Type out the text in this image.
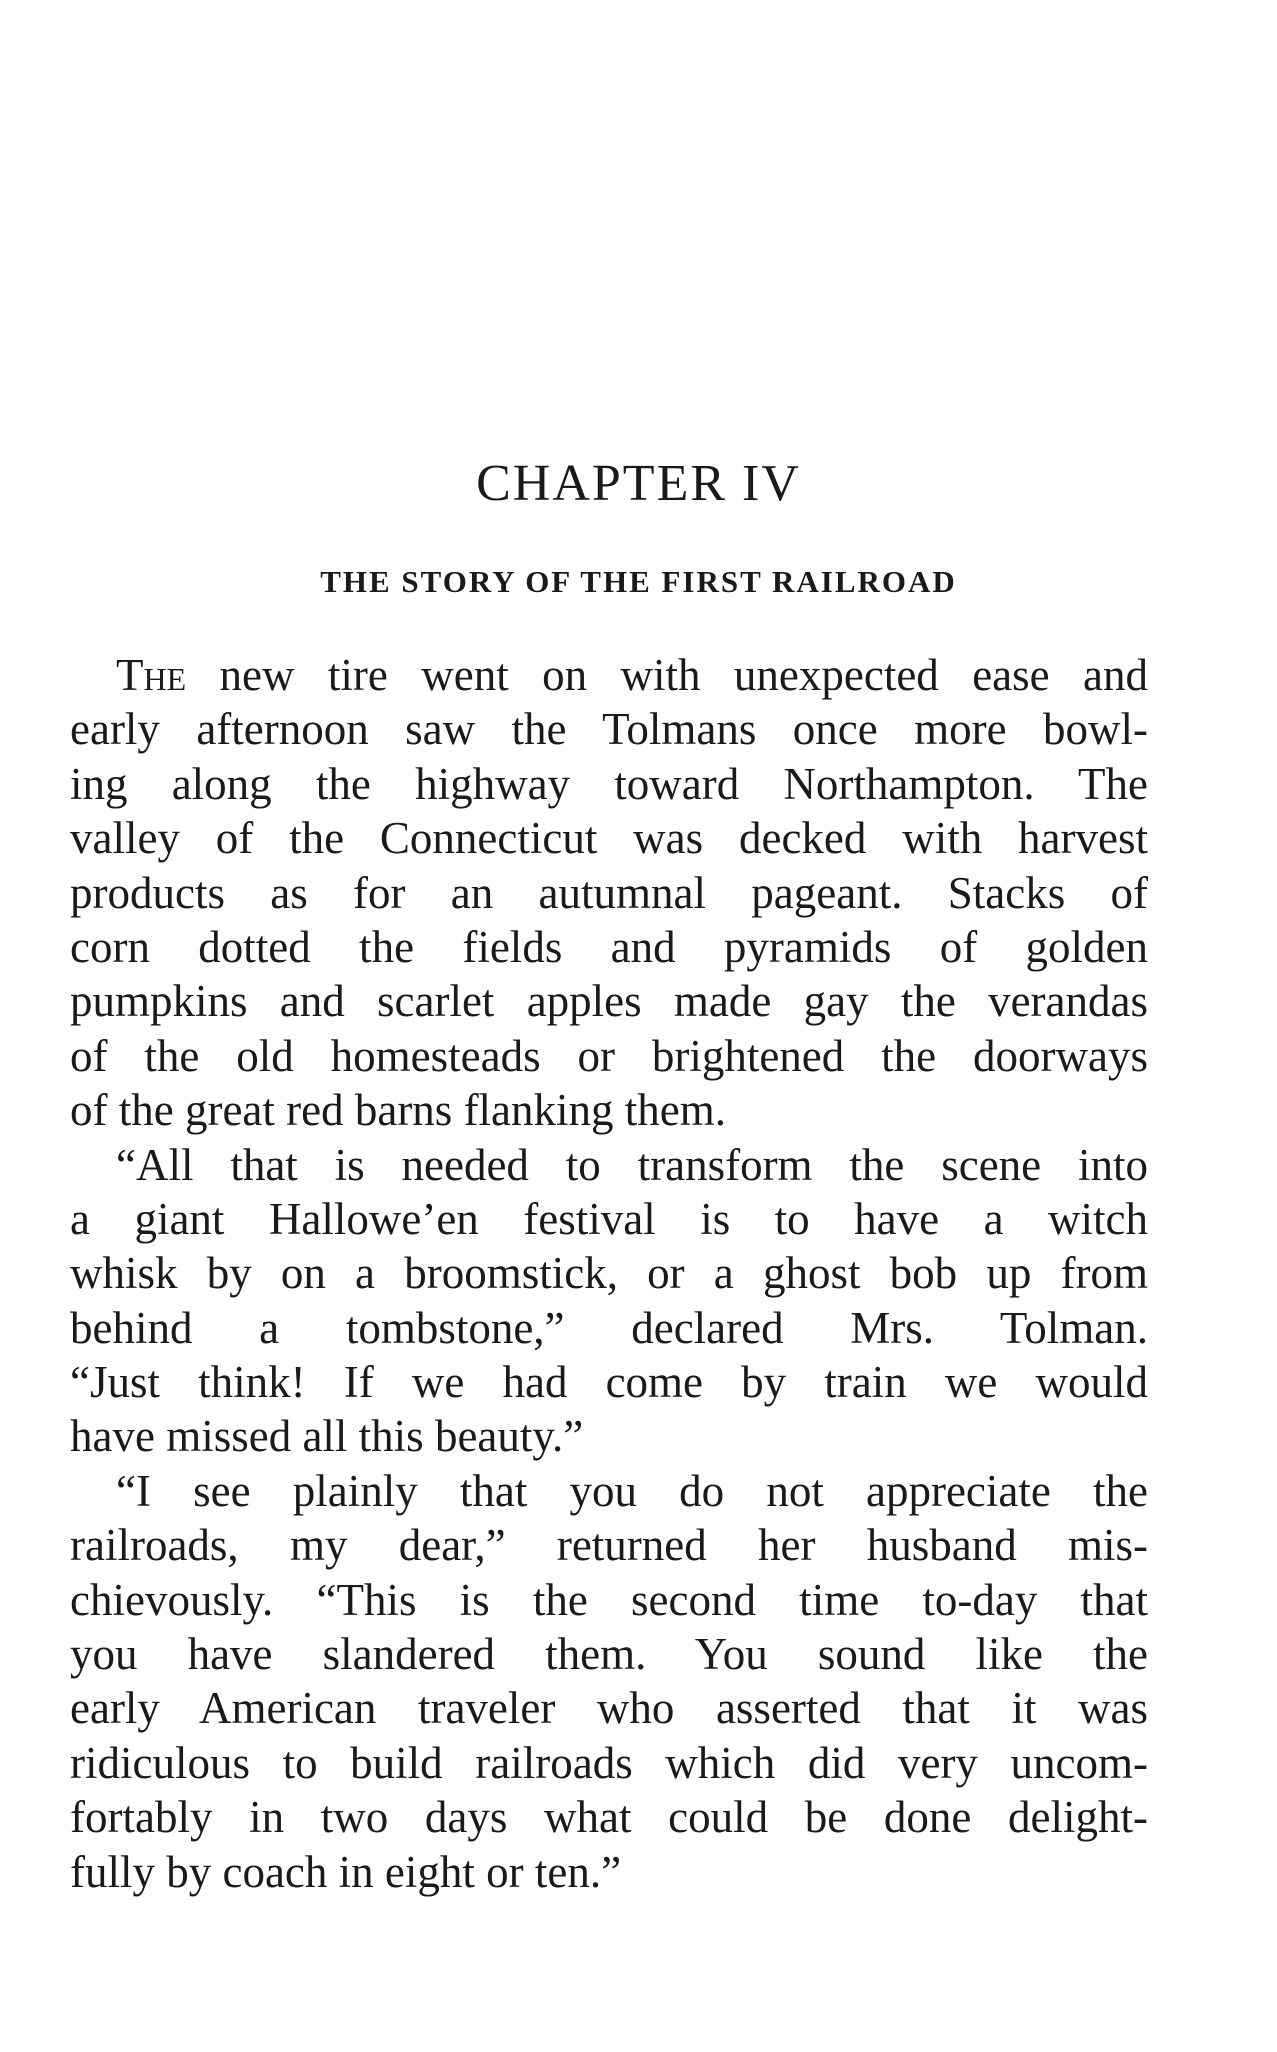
CHAPTER IV
THE STORY OF THE FIRST RAILROAD
The new tire went on with unexpected ease and
early afternoon saw the Tolmans once more bowl-
ing along the highway toward Northampton. The
valley of the Connecticut was decked with harvest
products as for an autumnal pageant. Stacks of
corn dotted the fields and pyramids of golden
pumpkins and scarlet apples made gay the verandas
of the old homesteads or brightened the doorways
of the great red barns flanking them.
“All that is needed to transform the scene into
a giant Hallowe’en festival is to have a witch
whisk by on a broomstick, or a ghost bob up from
behind a tombstone,” declared Mrs. Tolman.
“Just think! If we had come by train we would
have missed all this beauty.”
“I see plainly that you do not appreciate the
railroads, my dear,” returned her husband mis-
chievously. “This is the second time to-day that
you have slandered them. You sound like the
early American traveler who asserted that it was
ridiculous to build railroads which did very uncom-
fortably in two days what could be done delight-
fully by coach in eight or ten.”
